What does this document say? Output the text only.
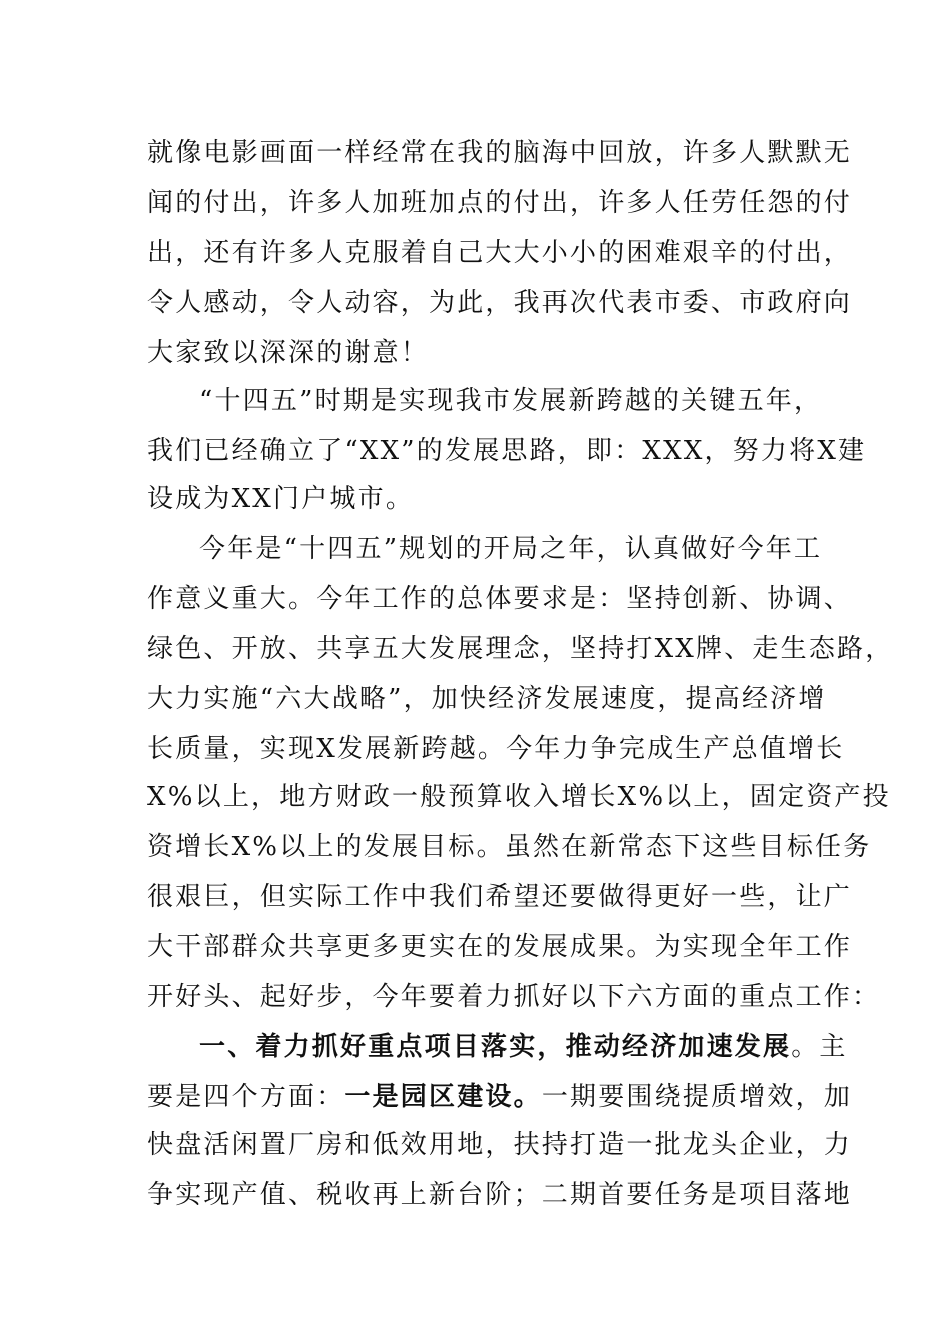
就像电影画面一样经常在我的脑海中回放，许多人默默无
闻的付出，许多人加班加点的付出，许多人任劳任怨的付
出，还有许多人克服着自己大大小小的困难艰辛的付出，
令人感动，令人动容，为此，我再次代表市委、市政府向
大家致以深深的谢意！
“十四五”时期是实现我市发展新跨越的关键五年，
我们已经确立了“XX”的发展思路，即：XXX，努力将X建
设成为XX门户城市。
今年是“十四五”规划的开局之年，认真做好今年工
作意义重大。今年工作的总体要求是：坚持创新、协调、
绿色、开放、共享五大发展理念，坚持打XX牌、走生态路，
大力实施“六大战略”，加快经济发展速度，提高经济增
长质量，实现X发展新跨越。今年力争完成生产总值增长
X%以上，地方财政一般预算收入增长X%以上，固定资产投
资增长X%以上的发展目标。虽然在新常态下这些目标任务
很艰巨，但实际工作中我们希望还要做得更好一些，让广
大干部群众共享更多更实在的发展成果。为实现全年工作
开好头、起好步，今年要着力抓好以下六方面的重点工作：
一、着力抓好重点项目落实，推动经济加速发展。主
要是四个方面：一是园区建设。一期要围绕提质增效，加
快盘活闲置厂房和低效用地，扶持打造一批龙头企业，力
争实现产值、税收再上新台阶；二期首要任务是项目落地
